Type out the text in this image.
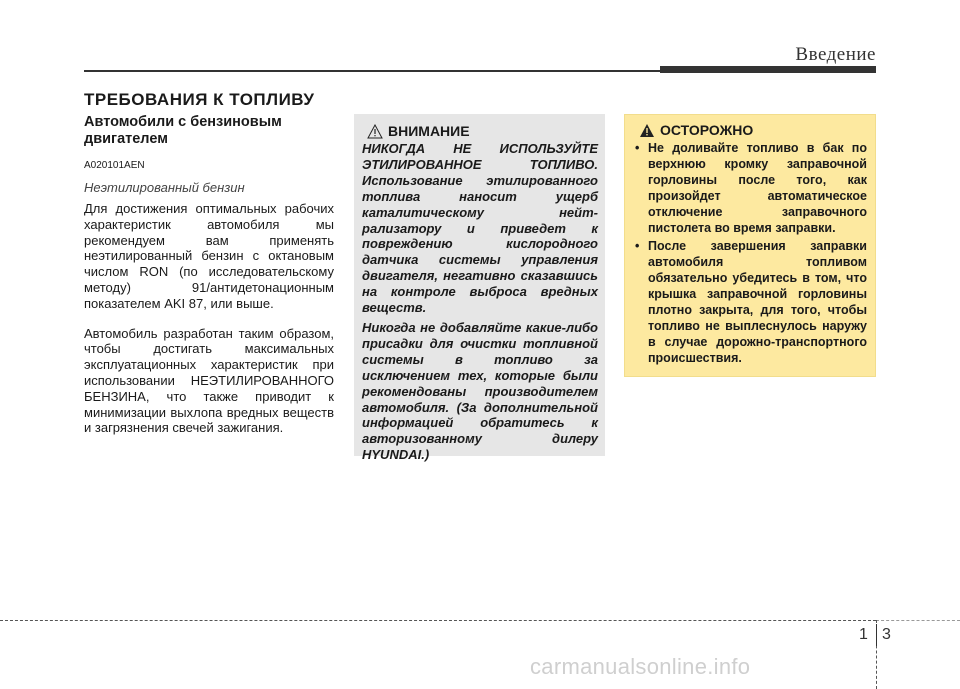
Введение
ТРЕБОВАНИЯ К ТОПЛИВУ
Автомобили с бензиновым двигателем
A020101AEN
Неэтилированный бензин

Для достижения оптимальных рабочих характеристик автомобиля мы рекомендуем вам применять неэтилированный бензин с октановым числом RON (по исследовательскому методу) 91/антидетонационным показателем AKI 87, или выше.

Автомобиль разработан таким образом, чтобы достигать максимальных эксплуатационных характеристик при использовании НЕЭТИЛИРОВАННОГО БЕНЗИНА, что также приводит к минимизации выхлопа вредных веществ и загрязнения свечей зажигания.

ВНИМАНИЕ

НИКОГДА НЕ ИСПОЛЬЗУЙТЕ ЭТИЛИРОВАННОЕ ТОПЛИВО. Использование этилированного топлива наносит ущерб каталитическому нейт-рализатору и приведет к повреждению кислородного датчика системы управления двигателя, негативно сказавшись на контроле выброса вредных веществ.

Никогда не добавляйте какие-либо присадки для очистки топливной системы в топливо за исключением тех, которые были рекомендованы производителем автомобиля. (За дополнительной информацией обратитесь к авторизованному дилеру HYUNDAI.)

ОСТОРОЖНО
• Не доливайте топливо в бак по верхнюю кромку заправочной горловины после того, как произойдет автоматическое отключение заправочного пистолета во время заправки.
• После завершения заправки автомобиля топливом обязательно убедитесь в том, что крышка заправочной горловины плотно закрыта, для того, чтобы топливо не выплеснулось наружу в случае дорожно-транспортного происшествия.
1 3
carmanualsonline.info
